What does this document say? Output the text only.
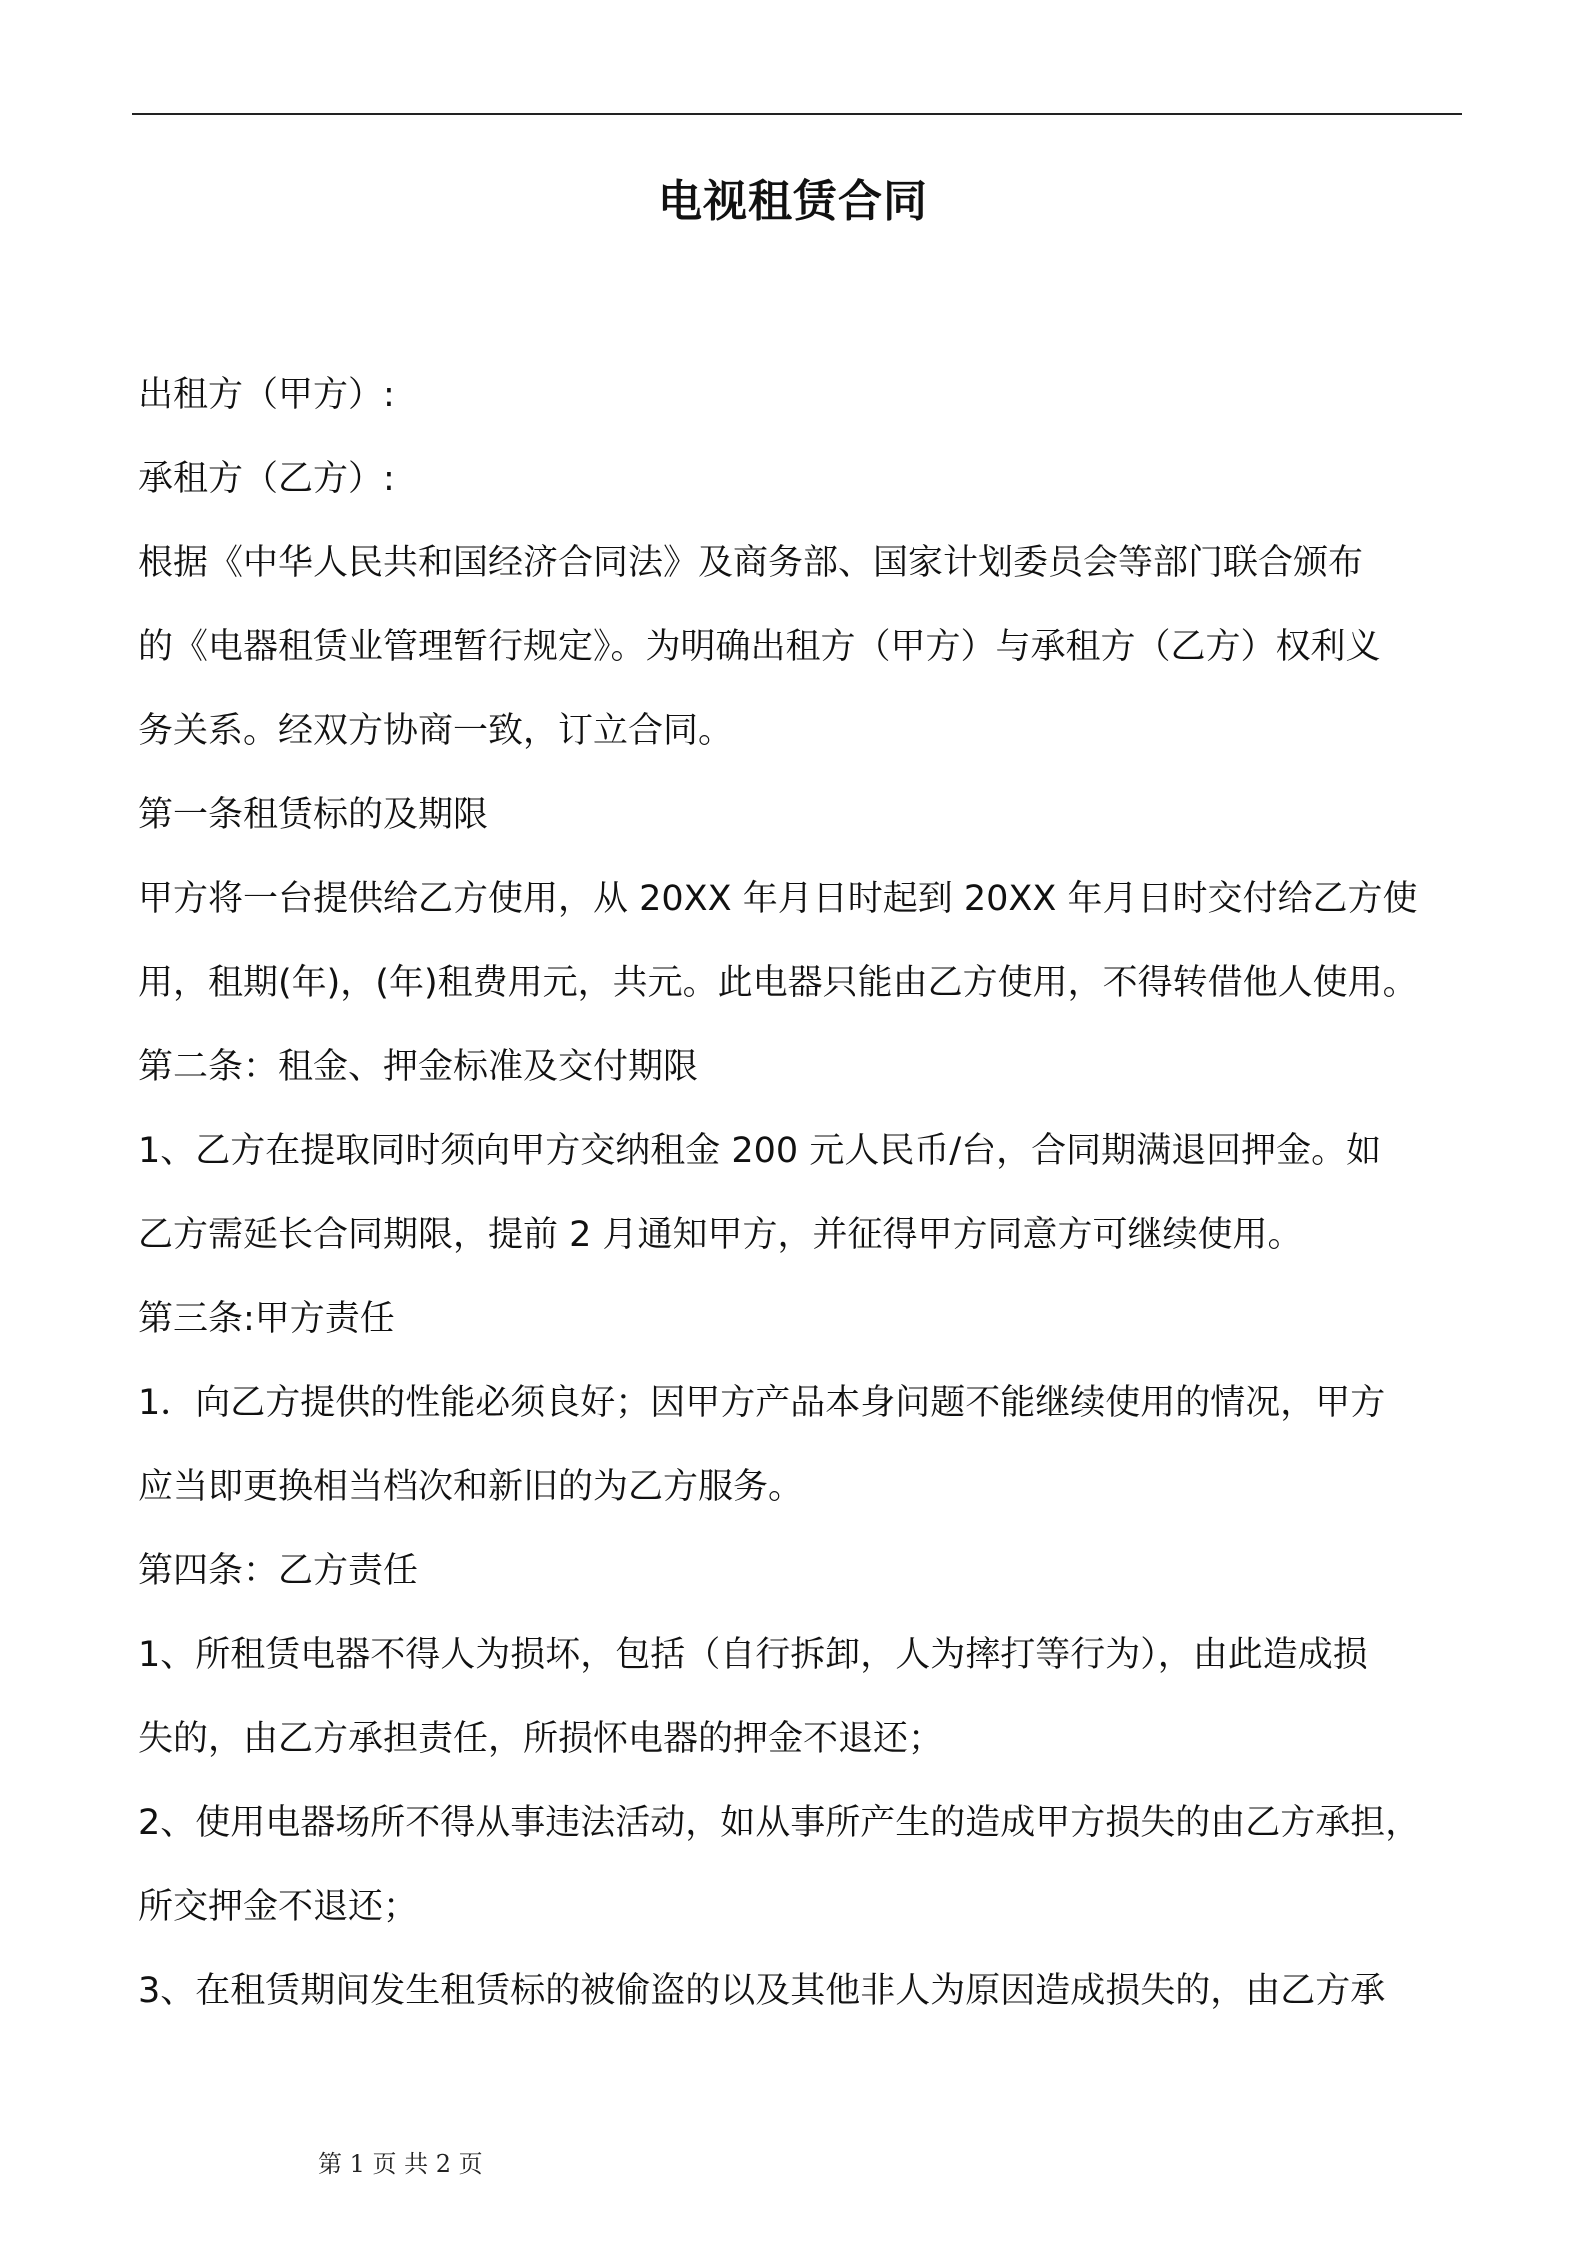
电视租赁合同
出租方（甲方）:
承租方（乙方）:
根据《中华人民共和国经济合同法》及商务部、国家计划委员会等部门联合颁布
的《电器租赁业管理暂行规定》。为明确出租方（甲方）与承租方（乙方）权利义
务关系。经双方协商一致，订立合同。
第一条租赁标的及期限
甲方将一台提供给乙方使用，从 20XX 年月日时起到 20XX 年月日时交付给乙方使
用，租期(年)，(年)租费用元，共元。此电器只能由乙方使用，不得转借他人使用。
第二条：租金、押金标准及交付期限
1、乙方在提取同时须向甲方交纳租金 200 元人民币/台，合同期满退回押金。如
乙方需延长合同期限，提前 2 月通知甲方，并征得甲方同意方可继续使用。
第三条:甲方责任
1．向乙方提供的性能必须良好；因甲方产品本身问题不能继续使用的情况，甲方
应当即更换相当档次和新旧的为乙方服务。
第四条：乙方责任
1、所租赁电器不得人为损坏，包括（自行拆卸，人为摔打等行为），由此造成损
失的，由乙方承担责任，所损怀电器的押金不退还；
2、使用电器场所不得从事违法活动，如从事所产生的造成甲方损失的由乙方承担，
所交押金不退还；
3、在租赁期间发生租赁标的被偷盗的以及其他非人为原因造成损失的，由乙方承
第 1 页 共 2 页
